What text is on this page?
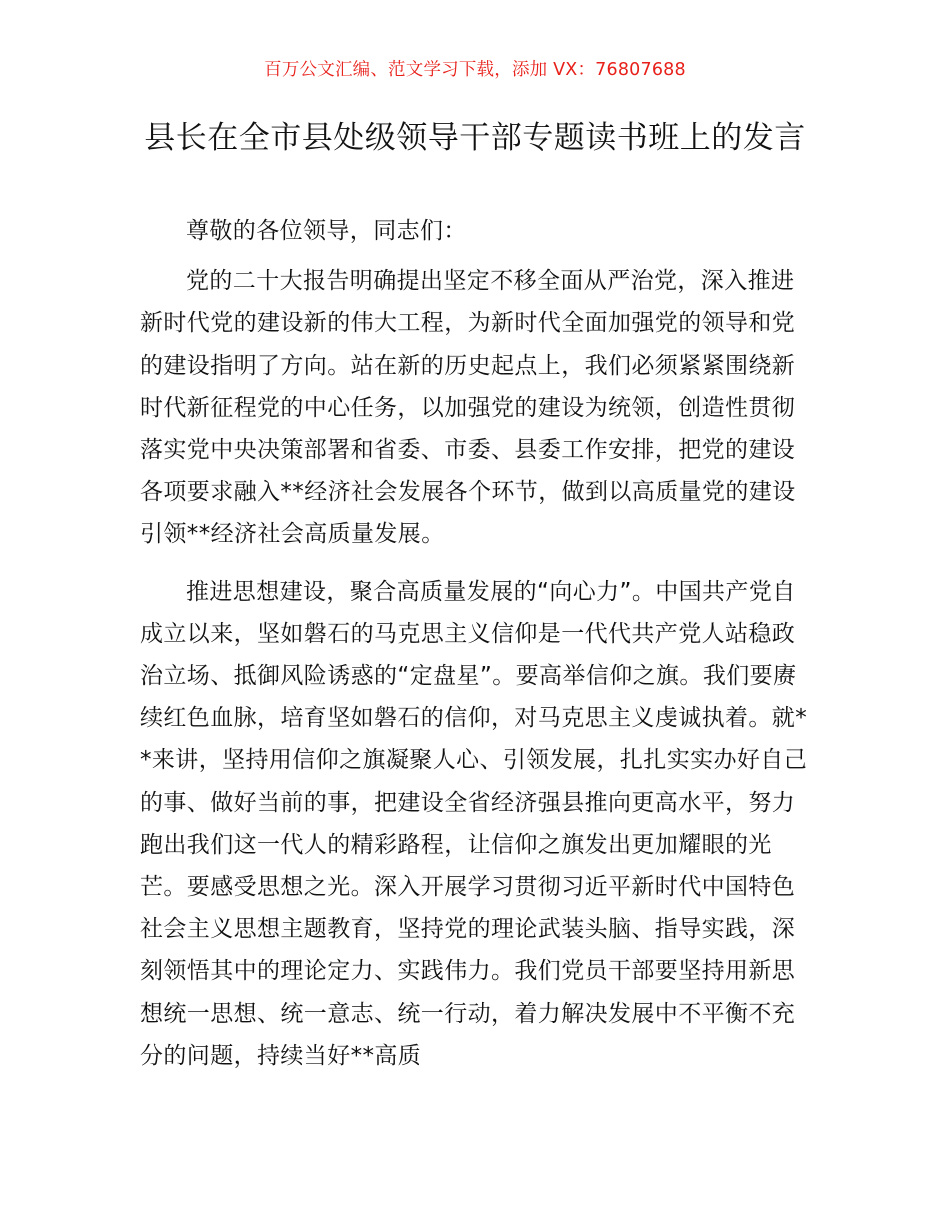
百万公文汇编、范文学习下载，添加 VX：76807688
县长在全市县处级领导干部专题读书班上的发言

尊敬的各位领导，同志们：

党的二十大报告明确提出坚定不移全面从严治党，深入推进新时代党的建设新的伟大工程，为新时代全面加强党的领导和党的建设指明了方向。站在新的历史起点上，我们必须紧紧围绕新时代新征程党的中心任务，以加强党的建设为统领，创造性贯彻落实党中央决策部署和省委、市委、县委工作安排，把党的建设各项要求融入**经济社会发展各个环节，做到以高质量党的建设引领**经济社会高质量发展。

推进思想建设，聚合高质量发展的“向心力”。中国共产党自成立以来，坚如磐石的马克思主义信仰是一代代共产党人站稳政治立场、抵御风险诱惑的“定盘星”。要高举信仰之旗。我们要赓续红色血脉，培育坚如磐石的信仰，对马克思主义虔诚执着。就**来讲，坚持用信仰之旗凝聚人心、引领发展，扎扎实实办好自己的事、做好当前的事，把建设全省经济强县推向更高水平，努力跑出我们这一代人的精彩路程，让信仰之旗发出更加耀眼的光芒。要感受思想之光。深入开展学习贯彻习近平新时代中国特色社会主义思想主题教育，坚持党的理论武装头脑、指导实践，深刻领悟其中的理论定力、实践伟力。我们党员干部要坚持用新思想统一思想、统一意志、统一行动，着力解决发展中不平衡不充分的问题，持续当好**高质
